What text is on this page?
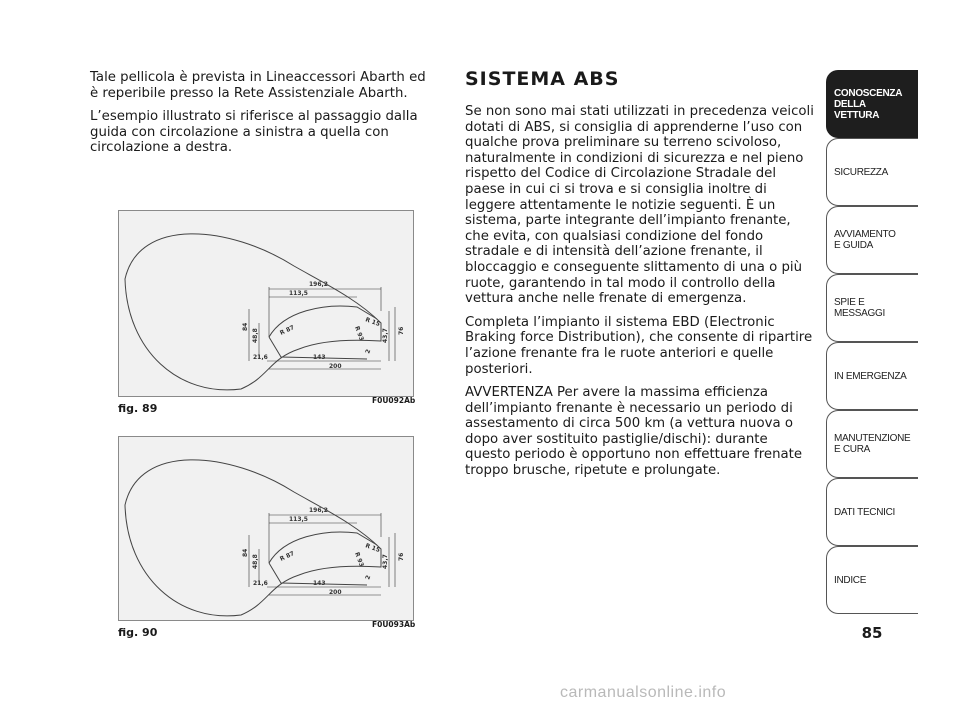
Tale pellicola è prevista in Lineaccessori Abarth ed è reperibile presso la Rete Assistenziale Abarth.

L’esempio illustrato si riferisce al passaggio dalla guida con circolazione a sinistra a quella con circolazione a destra.

196,2
113,5
84
48,8
21,6	143
200
R 87	R 93
R 15
2
43,7 76
fig. 89
F0U092Ab
196,2
113,5
84
48,8
21,6	143
200
R 87	R 93
R 15
2
43,7 76
fig. 90
F0U093Ab
SISTEMA ABS

Se non sono mai stati utilizzati in precedenza veicoli dotati di ABS, si consiglia di apprenderne l’uso con qualche prova preliminare su terreno scivoloso, naturalmente in condizioni di sicurezza e nel pieno rispetto del Codice di Circolazione Stradale del paese in cui ci si trova e si consiglia inoltre di leggere attentamente le notizie seguenti. È un sistema, parte integrante dell’impianto frenante, che evita, con qualsiasi condizione del fondo stradale e di intensità dell’azione frenante, il bloccaggio e conseguente slittamento di una o più ruote, garantendo in tal modo il controllo della vettura anche nelle frenate di emergenza.

Completa l’impianto il sistema EBD (Electronic Braking force Distribution), che consente di ripartire l’azione frenante fra le ruote anteriori e quelle posteriori.

AVVERTENZA Per avere la massima efficienza dell’impianto frenante è necessario un periodo di assestamento di circa 500 km (a vettura nuova o dopo aver sostituito pastiglie/dischi): durante questo periodo è opportuno non effettuare frenate troppo brusche, ripetute e prolungate.

CONOSCENZA
DELLA
VETTURA
SICUREZZA
AVVIAMENTO
E GUIDA
SPIE E
MESSAGGI
IN EMERGENZA
MANUTENZIONE
E CURA
DATI TECNICI
INDICE
85
carmanualsonline.info
